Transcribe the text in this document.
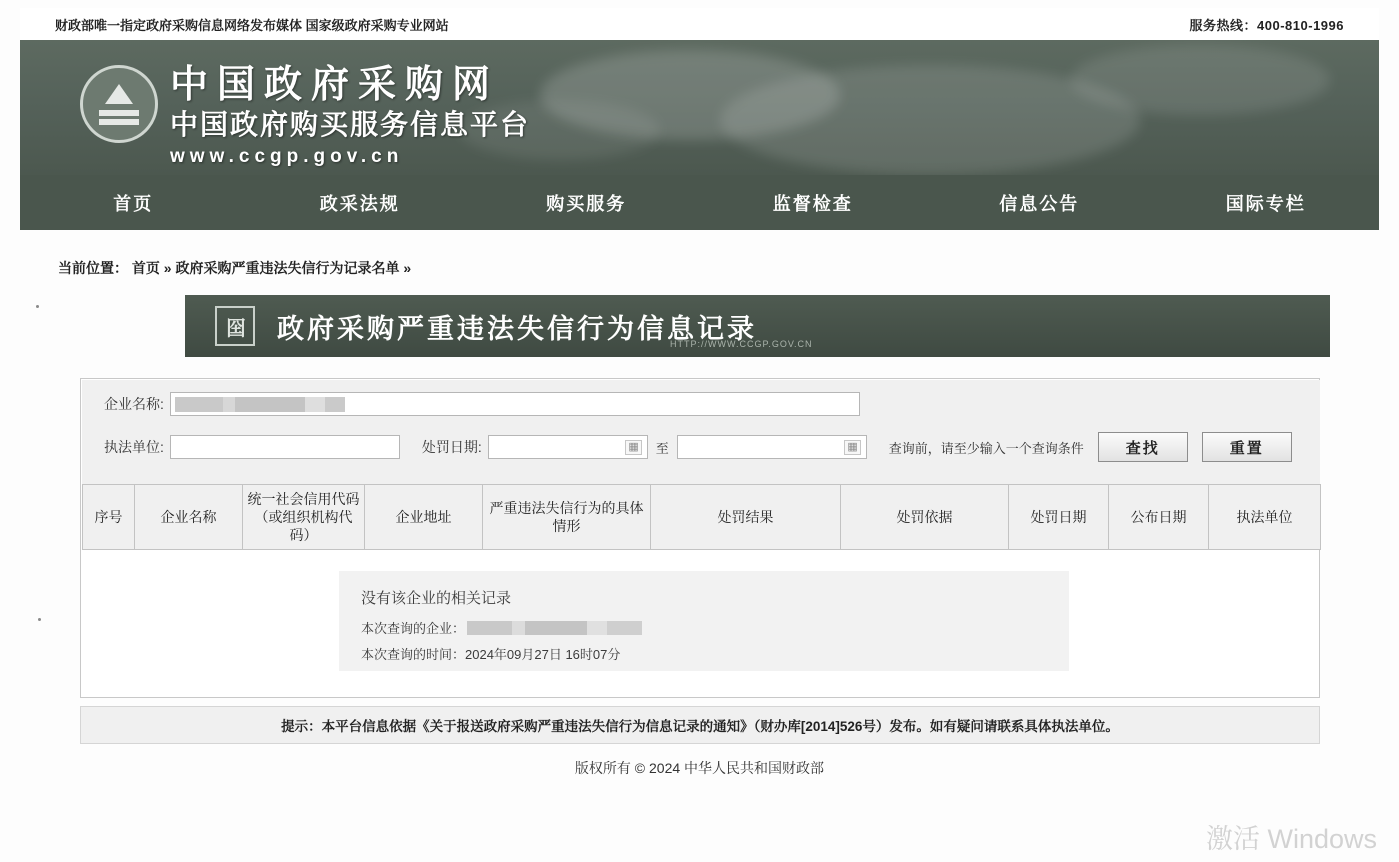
财政部唯一指定政府采购信息网络发布媒体 国家级政府采购专业网站	服务热线：400-810-1996
中国政府采购网
中国政府购买服务信息平台
www.ccgp.gov.cn
首页	政采法规	购买服务	监督检查	信息公告	国际专栏
当前位置： 首页 » 政府采购严重违法失信行为记录名单 »
囶	政府采购严重违法失信行为信息记录
HTTP://WWW.CCGP.GOV.CN
企业名称:
执法单位:	处罚日期:	▦ 至	▦ 查询前，请至少输入一个查询条件	查找	重置
序号	企业名称	统一社会信用代码（或组织机构代码）	企业地址	严重违法失信行为的具体情形	处罚结果	处罚依据	处罚日期	公布日期	执法单位
没有该企业的相关记录
本次查询的企业：
本次查询的时间：2024年09月27日 16时07分
提示：本平台信息依据《关于报送政府采购严重违法失信行为信息记录的通知》（财办库[2014]526号）发布。如有疑问请联系具体执法单位。
版权所有 © 2024 中华人民共和国财政部
激活 Windows
